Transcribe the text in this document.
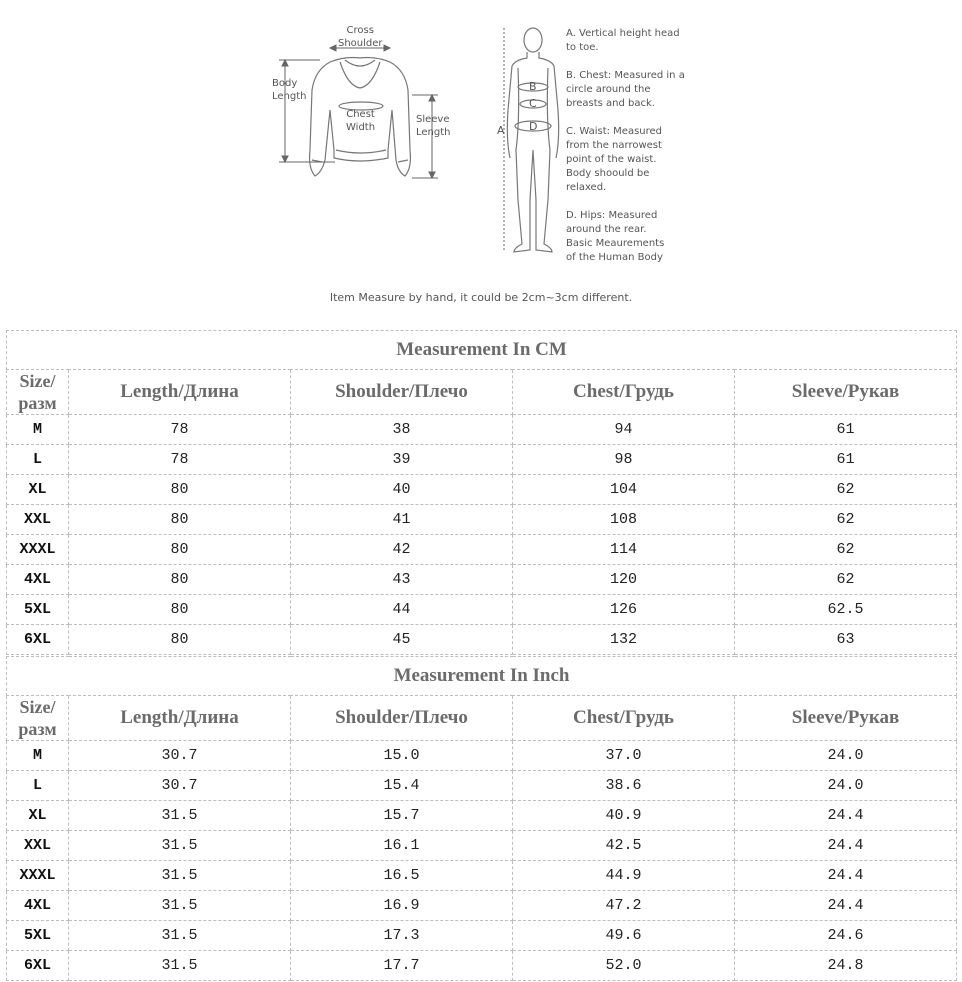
Cross
Shoulder
Body
Length
Chest
Width
Sleeve
Length	A
B
C
D

A. Vertical height head
to toe.

B. Chest: Measured in a
circle around the
breasts and back.

C. Waist: Measured
from the narrowest
point of the waist.
Body shoould be
relaxed.

D. Hips: Measured
around the rear.
Basic Meaurements
of the Human Body

Item Measure by hand, it could be 2cm~3cm different.
Measurement In CM				
Size/
разм	Length/Длина	Shoulder/Плечо	Chest/Грудь	Sleeve/Рукав
M	78	38	94	61
L	78	39	98	61
XL	80	40	104	62
XXL	80	41	108	62
XXXL	80	42	114	62
4XL	80	43	120	62
5XL	80	44	126	62.5
6XL	80	45	132	63
Measurement In Inch				
Size/
разм	Length/Длина	Shoulder/Плечо	Chest/Грудь	Sleeve/Рукав
M	30.7	15.0	37.0	24.0
L	30.7	15.4	38.6	24.0
XL	31.5	15.7	40.9	24.4
XXL	31.5	16.1	42.5	24.4
XXXL	31.5	16.5	44.9	24.4
4XL	31.5	16.9	47.2	24.4
5XL	31.5	17.3	49.6	24.6
6XL	31.5	17.7	52.0	24.8
